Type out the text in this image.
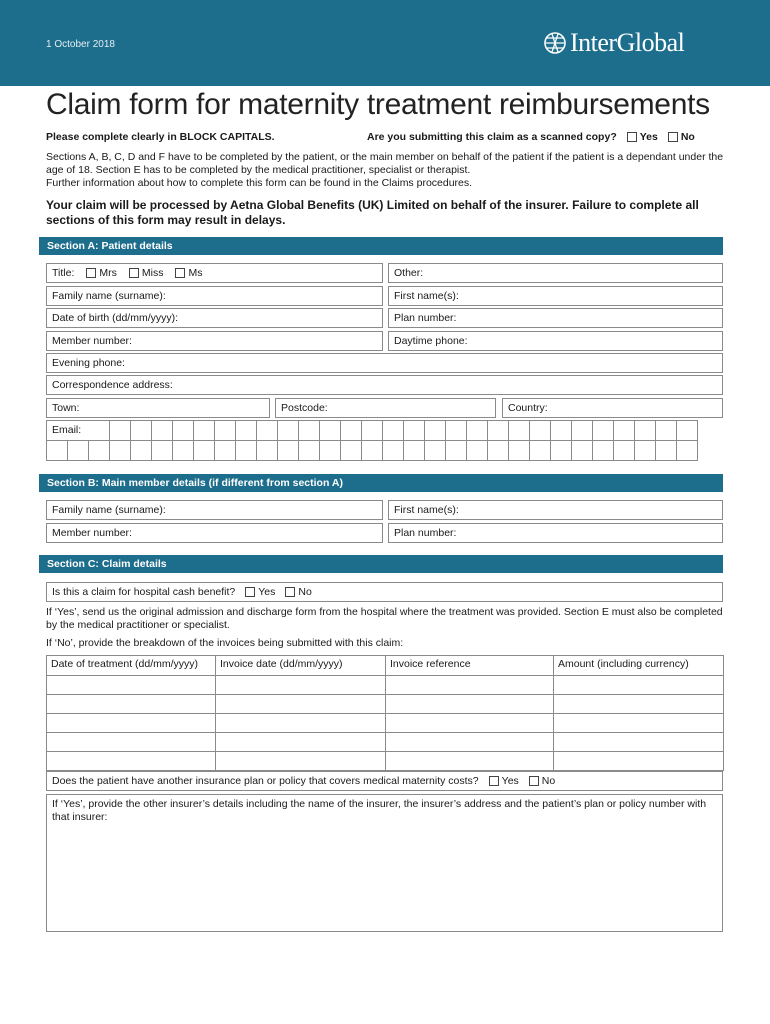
1 October 2018	InterGlobal
Claim form for maternity treatment reimbursements
Please complete clearly in BLOCK CAPITALS.	Are you submitting this claim as a scanned copy? Yes No

Sections A, B, C, D and F have to be completed by the patient, or the main member on behalf of the patient if the patient is a dependant under the age of 18. Section E has to be completed by the medical practitioner, specialist or therapist.

Further information about how to complete this form can be found in the Claims procedures.

Your claim will be processed by Aetna Global Benefits (UK) Limited on behalf of the insurer. Failure to complete all sections of this form may result in delays.
Section A: Patient details
Title: Mrs Miss Ms	Other:
Family name (surname):	First name(s):
Date of birth (dd/mm/yyyy):	Plan number:
Member number:	Daytime phone:
Evening phone:
Correspondence address:
Town:	Postcode:	Country:
Email:
Section B: Main member details (if different from section A)
Family name (surname):	First name(s):
Member number:	Plan number:
Section C: Claim details
Is this a claim for hospital cash benefit? Yes No
If ‘Yes’, send us the original admission and discharge form from the hospital where the treatment was provided. Section E must also be completed by the medical practitioner or specialist.
If ‘No’, provide the breakdown of the invoices being submitted with this claim:
Date of treatment (dd/mm/yyyy)	Invoice date (dd/mm/yyyy)	Invoice reference	Amount (including currency)

Does the patient have another insurance plan or policy that covers medical maternity costs? Yes No
If ‘Yes’, provide the other insurer’s details including the name of the insurer, the insurer’s address and the patient’s plan or policy number with that insurer:
